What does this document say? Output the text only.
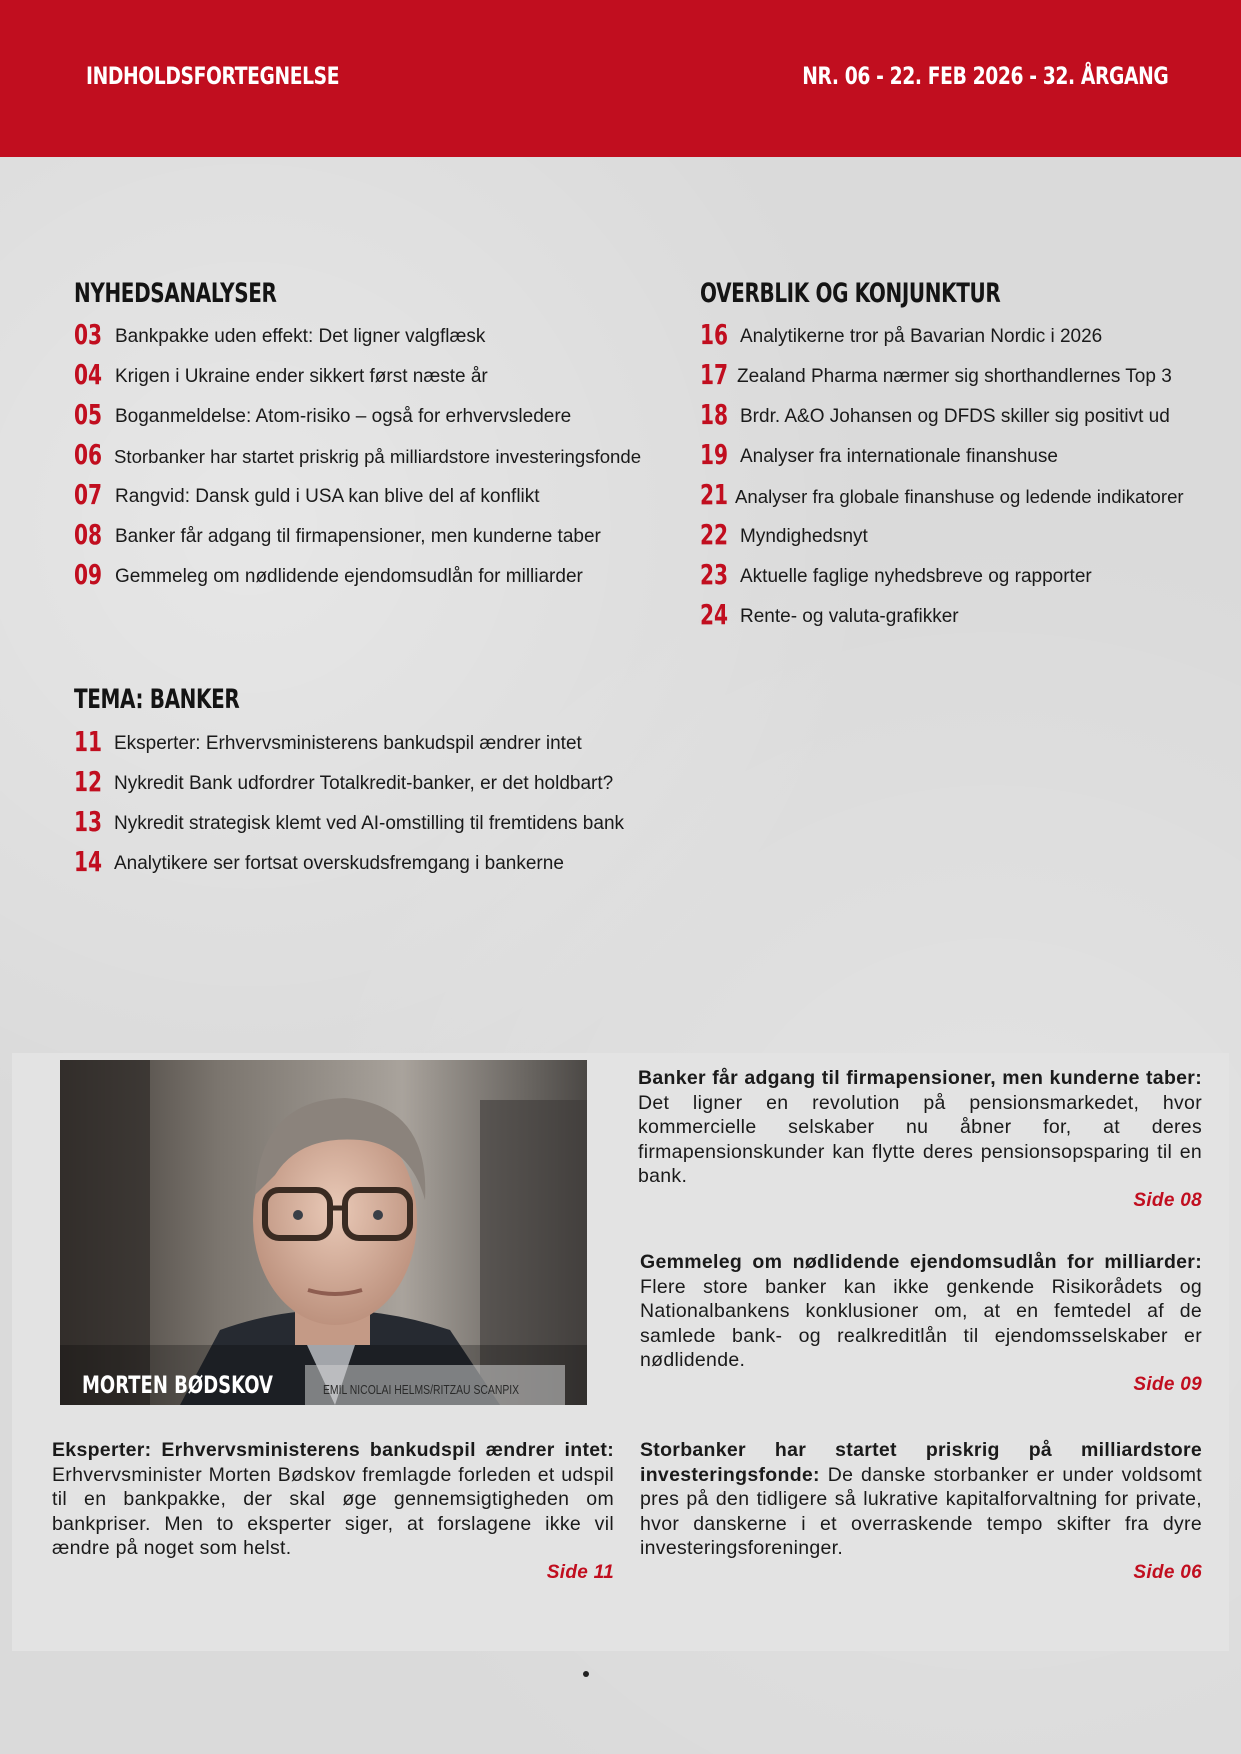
INDHOLDSFORTEGNELSE	NR. 06 - 22. FEB 2026 - 32. ÅRGANG
NYHEDSANALYSER
03 Bankpakke uden effekt: Det ligner valgflæsk
04 Krigen i Ukraine ender sikkert først næste år
05 Boganmeldelse: Atom-risiko – også for erhvervsledere
06 Storbanker har startet priskrig på milliardstore investeringsfonde
07 Rangvid: Dansk guld i USA kan blive del af konflikt
08 Banker får adgang til firmapensioner, men kunderne taber
09 Gemmeleg om nødlidende ejendomsudlån for milliarder
OVERBLIK OG KONJUNKTUR
16 Analytikerne tror på Bavarian Nordic i 2026
17 Zealand Pharma nærmer sig shorthandlernes Top 3
18 Brdr. A&O Johansen og DFDS skiller sig positivt ud
19 Analyser fra internationale finanshuse
21 Analyser fra globale finanshuse og ledende indikatorer
22 Myndighedsnyt
23 Aktuelle faglige nyhedsbreve og rapporter
24 Rente- og valuta-grafikker
TEMA: BANKER
11 Eksperter: Erhvervsministerens bankudspil ændrer intet
12 Nykredit Bank udfordrer Totalkredit-banker, er det holdbart?
13 Nykredit strategisk klemt ved AI-omstilling til fremtidens bank
14 Analytikere ser fortsat overskudsfremgang i bankerne
MORTEN BØDSKOV	EMIL NICOLAI HELMS/RITZAU SCANPIX
Banker får adgang til firmapensioner, men kunderne taber: Det ligner en revolution på pensionsmarkedet, hvor kommercielle selskaber nu åbner for, at deres firmapensionskunder kan flytte deres pensionsopsparing til en bank.
Side 08
Gemmeleg om nødlidende ejendomsudlån for milliarder: Flere store banker kan ikke genkende Risikorådets og Nationalbankens konklusioner om, at en femtedel af de samlede bank- og realkreditlån til ejendomsselskaber er nødlidende.
Side 09
Eksperter: Erhvervsministerens bankudspil ændrer intet: Erhvervsminister Morten Bødskov fremlagde forleden et udspil til en bankpakke, der skal øge gennemsigtigheden om bankpriser. Men to eksperter siger, at forslagene ikke vil ændre på noget som helst.
Side 11
Storbanker har startet priskrig på milliardstore investeringsfonde: De danske storbanker er under voldsomt pres på den tidligere så lukrative kapitalforvaltning for private, hvor danskerne i et overraskende tempo skifter fra dyre investeringsforeninger.
Side 06
